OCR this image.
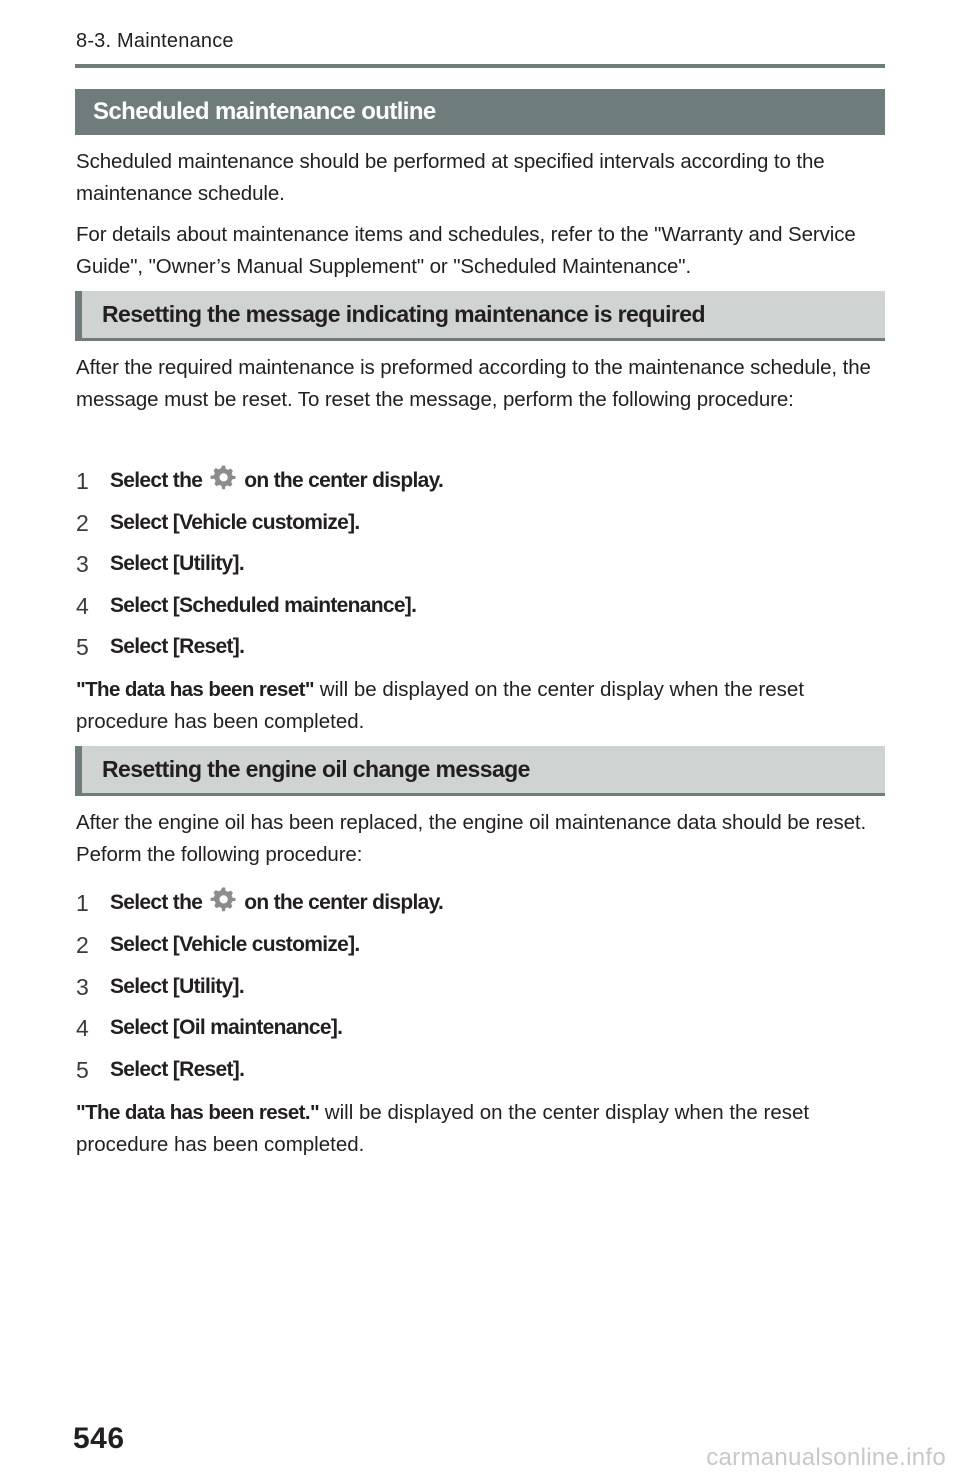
8-3. Maintenance
Scheduled maintenance outline

Scheduled maintenance should be performed at specified intervals according to the maintenance schedule.

For details about maintenance items and schedules, refer to the "Warranty and Service Guide", "Owner’s Manual Supplement" or "Scheduled Maintenance".

Resetting the message indicating maintenance is required

After the required maintenance is preformed according to the maintenance schedule, the message must be reset. To reset the message, perform the following procedure:

1	Select the on the center display.
2	Select [Vehicle customize].
3	Select [Utility].
4	Select [Scheduled maintenance].
5	Select [Reset].
"The data has been reset" will be displayed on the center display when the reset procedure has been completed.
Resetting the engine oil change message

After the engine oil has been replaced, the engine oil maintenance data should be reset. Peform the following procedure:

1	Select the on the center display.
2	Select [Vehicle customize].
3	Select [Utility].
4	Select [Oil maintenance].
5	Select [Reset].
"The data has been reset." will be displayed on the center display when the reset procedure has been completed.
546
carmanualsonline.info
